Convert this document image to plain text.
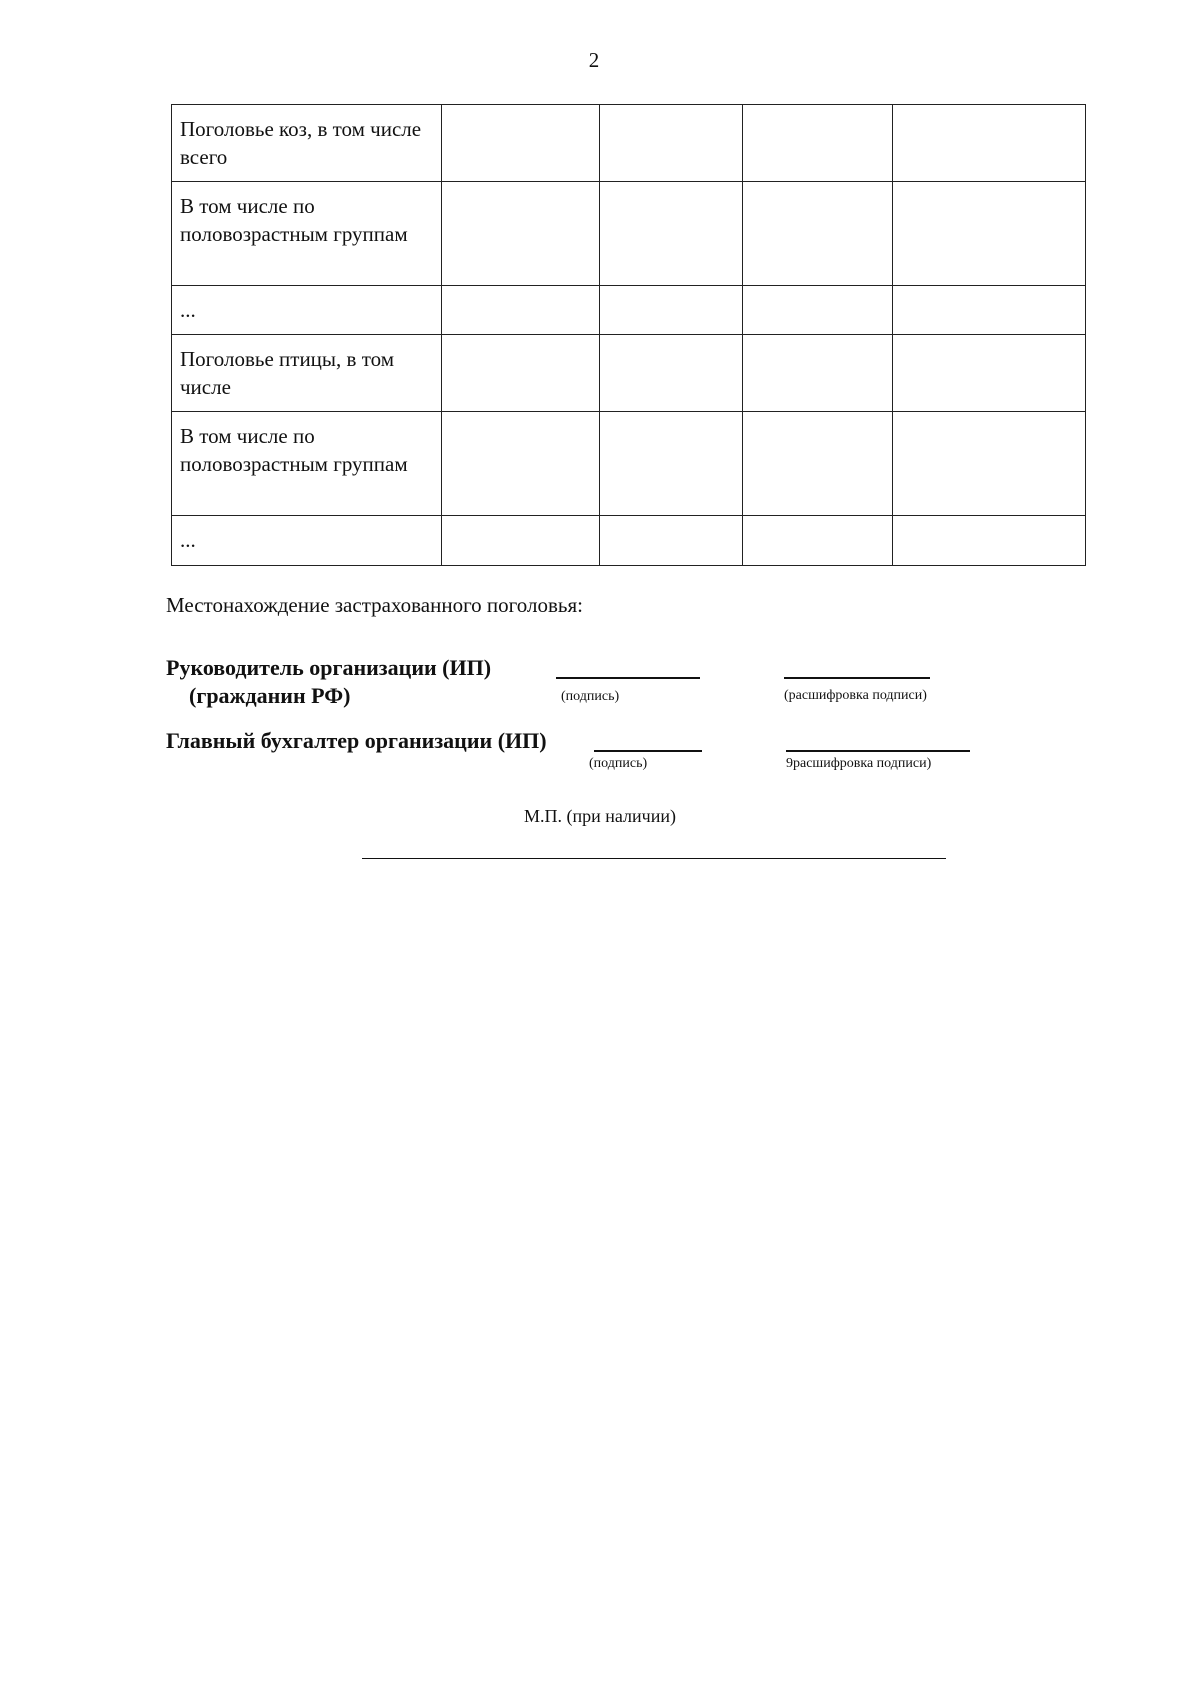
2
Поголовье коз, в том числе всего				
В том числе по половозрастным группам				
...				
Поголовье птицы, в том числе				
В том числе по половозрастным группам				
...				
Местонахождение застрахованного поголовья:
Руководитель организации (ИП)
(гражданин РФ)	(подпись)	(расшифровка подписи)
Главный бухгалтер организации (ИП)
(подпись)	9расшифровка подписи)
М.П. (при наличии)
